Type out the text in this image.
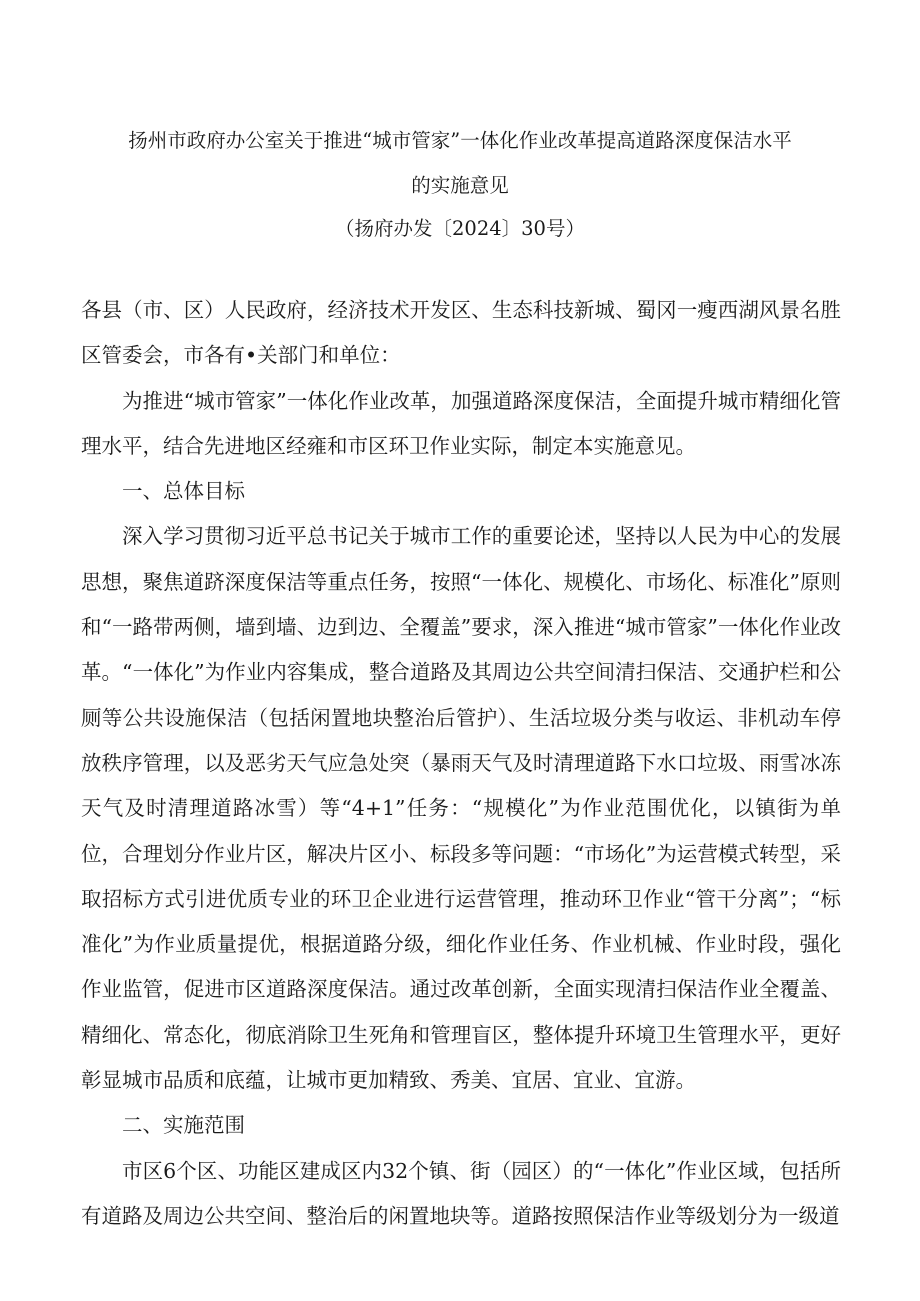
扬州市政府办公室关于推进“城市管家”一体化作业改革提高道路深度保洁水平
的实施意见
（扬府办发〔2024〕30号）

各县（市、区）人民政府，经济技术开发区、生态科技新城、蜀冈一瘦西湖风景名胜区管委会，市各有•关部门和单位：

为推进“城市管家”一体化作业改革，加强道路深度保洁，全面提升城市精细化管理水平，结合先进地区经雍和市区环卫作业实际，制定本实施意见。

一、总体目标

深入学习贯彻习近平总书记关于城市工作的重要论述，坚持以人民为中心的发展思想，聚焦道跻深度保洁等重点任务，按照“一体化、规模化、市场化、标准化”原则和“一路带两侧，墙到墙、边到边、全覆盖”要求，深入推进“城市管家”一体化作业改革。“一体化”为作业内容集成，整合道路及其周边公共空间清扫保洁、交通护栏和公厕等公共设施保洁（包括闲置地块整治后管护）、生活垃圾分类与收运、非机动车停放秩序管理，以及恶劣天气应急处突（暴雨天气及时清理道路下水口垃圾、雨雪冰冻天气及时清理道路冰雪）等“4+1”任务：“规模化”为作业范围优化，以镇街为单位，合理划分作业片区，解决片区小、标段多等问题：“市场化”为运营模式转型，采取招标方式引进优质专业的环卫企业进行运营管理，推动环卫作业“管干分离”；“标准化”为作业质量提优，根据道路分级，细化作业任务、作业机械、作业时段，强化作业监管，促进市区道路深度保洁。通过改革创新，全面实现清扫保洁作业全覆盖、精细化、常态化，彻底消除卫生死角和管理盲区，整体提升环境卫生管理水平，更好彰显城市品质和底蕴，让城市更加精致、秀美、宜居、宜业、宜游。

二、实施范围

市区6个区、功能区建成区内32个镇、街（园区）的“一体化”作业区域，包括所有道路及周边公共空间、整治后的闲置地块等。道路按照保洁作业等级划分为一级道
